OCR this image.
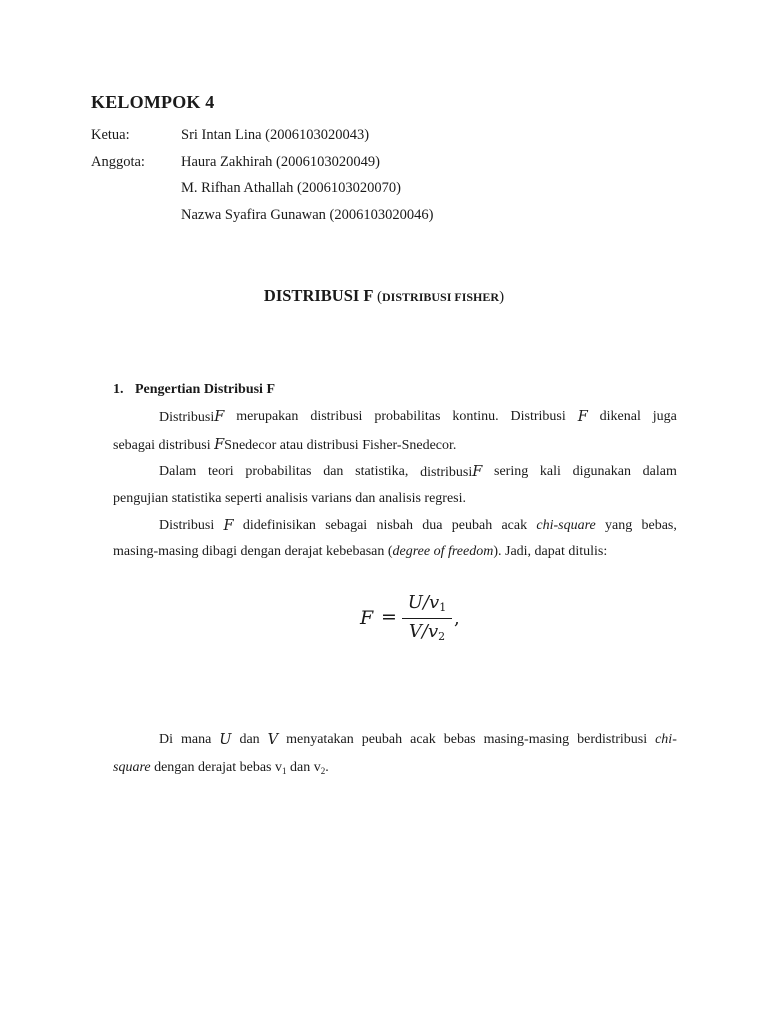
KELOMPOK 4
Ketua:	Sri Intan Lina (2006103020043)
Anggota: Haura Zakhirah (2006103020049)
M. Rifhan Athallah (2006103020070)
Nazwa Syafira Gunawan (2006103020046)
DISTRIBUSI F (DISTRIBUSI FISHER)
1. Pengertian Distribusi F
DistribusiF merupakan distribusi probabilitas kontinu. Distribusi F dikenal juga
sebagai distribusi FSnedecor atau distribusi Fisher-Snedecor.
Dalam teori probabilitas dan statistika, distribusiF sering kali digunakan dalam
pengujian statistika seperti analisis varians dan analisis regresi.
Distribusi F didefinisikan sebagai nisbah dua peubah acak chi-square yang bebas,
masing-masing dibagi dengan derajat kebebasan (degree of freedom). Jadi, dapat ditulis:
F =
$U/v_1$
$V/v_2$
,
Di mana U dan V menyatakan peubah acak bebas masing-masing berdistribusi chi-
square dengan derajat bebas $v_1$ dan $v_2$.
